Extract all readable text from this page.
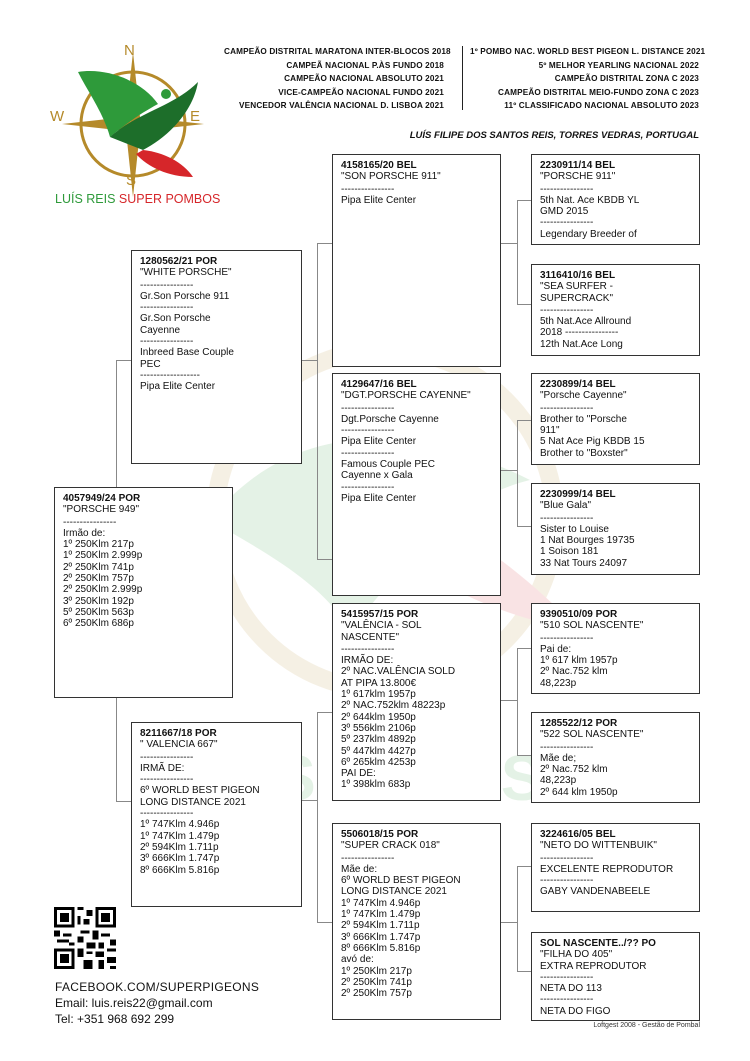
N
S
W	E
LUÍS REIS SUPER POMBOS
CAMPEÃO DISTRITAL MARATONA INTER-BLOCOS 2018
CAMPEÃ NACIONAL P.ÀS FUNDO 2018
CAMPEÃO NACIONAL ABSOLUTO 2021
VICE-CAMPEÃO NACIONAL FUNDO 2021
VENCEDOR VALÊNCIA NACIONAL D. LISBOA 2021
1º POMBO NAC. WORLD BEST PIGEON L. DISTANCE 2021
5º MELHOR YEARLING NACIONAL 2022
CAMPEÃO DISTRITAL ZONA C 2023
CAMPEÃO DISTRITAL MEIO-FUNDO ZONA C 2023
11º CLASSIFICADO NACIONAL ABSOLUTO 2023
LUÍS FILIPE DOS SANTOS REIS, TORRES VEDRAS, PORTUGAL
4057949/24 POR
"PORSCHE 949"
----------------
Irmão de:
1º 250Klm 217p
1º 250Klm 2.999p
2º 250Klm 741p
2º 250Klm 757p
2º 250Klm 2.999p
3º 250Klm 192p
5º 250Klm 563p
6º 250Klm 686p
1280562/21 POR
"WHITE PORSCHE"
----------------
Gr.Son Porsche 911
----------------
Gr.Son Porsche
Cayenne
----------------
Inbreed Base Couple
PEC
------------------
Pipa Elite Center
8211667/18 POR
" VALENCIA 667"
----------------
IRMÃ DE:
----------------
6º WORLD BEST PIGEON
LONG DISTANCE 2021
----------------
1º 747Klm 4.946p
1º 747Klm 1.479p
2º 594Klm 1.711p
3º 666Klm 1.747p
8º 666Klm 5.816p
4158165/20 BEL
"SON PORSCHE 911"
----------------
Pipa Elite Center
4129647/16 BEL
"DGT.PORSCHE CAYENNE"
----------------
Dgt.Porsche Cayenne
----------------
Pipa Elite Center
----------------
Famous Couple PEC
Cayenne x Gala
----------------
Pipa Elite Center
5415957/15 POR
"VALÊNCIA - SOL
NASCENTE"
----------------
IRMÃO DE:
2º NAC.VALÊNCIA SOLD
AT PIPA 13.800€
1º 617klm 1957p
2º NAC.752klm 48223p
2º 644klm 1950p
3º 556klm 2106p
5º 237klm 4892p
5º 447klm 4427p
6º 265klm 4253p
PAI DE:
1º 398klm 683p
5506018/15 POR
"SUPER CRACK 018"
----------------
Mãe de:
6º WORLD BEST PIGEON
LONG DISTANCE 2021
1º 747Klm 4.946p
1º 747Klm 1.479p
2º 594Klm 1.711p
3º 666Klm 1.747p
8º 666Klm 5.816p
avó de:
1º 250Klm 217p
2º 250Klm 741p
2º 250Klm 757p
2230911/14 BEL
"PORSCHE 911"
----------------
5th Nat. Ace KBDB YL
GMD 2015
----------------
Legendary Breeder of
3116410/16 BEL
"SEA SURFER -
SUPERCRACK"
----------------
5th Nat.Ace Allround
2018 ----------------
12th Nat.Ace Long
2230899/14 BEL
"Porsche Cayenne"
----------------
Brother to "Porsche
911"
5 Nat Ace Pig KBDB 15
Brother to "Boxster"
2230999/14 BEL
"Blue Gala"
----------------
Sister to Louise
1 Nat Bourges 19735
1 Soison 181
33 Nat Tours 24097
9390510/09 POR
"510 SOL NASCENTE"
----------------
Pai de:
1º 617 klm 1957p
2º Nac.752 klm
48,223p
1285522/12 POR
"522 SOL NASCENTE"
----------------
Mãe de;
2º Nac.752 klm
48,223p
2º 644 klm 1950p
3224616/05 BEL
"NETO DO WITTENBUIK"
----------------
EXCELENTE REPRODUTOR
----------------
GABY VANDENABEELE
SOL NASCENTE../?? PO
"FILHA DO 405"
EXTRA REPRODUTOR
----------------
NETA DO 113
----------------
NETA DO FIGO
FACEBOOK.COM/SUPERPIGEONS
Email: luis.reis22@gmail.com
Tel: +351 968 692 299	Loftgest 2008 - Gestão de Pombal
